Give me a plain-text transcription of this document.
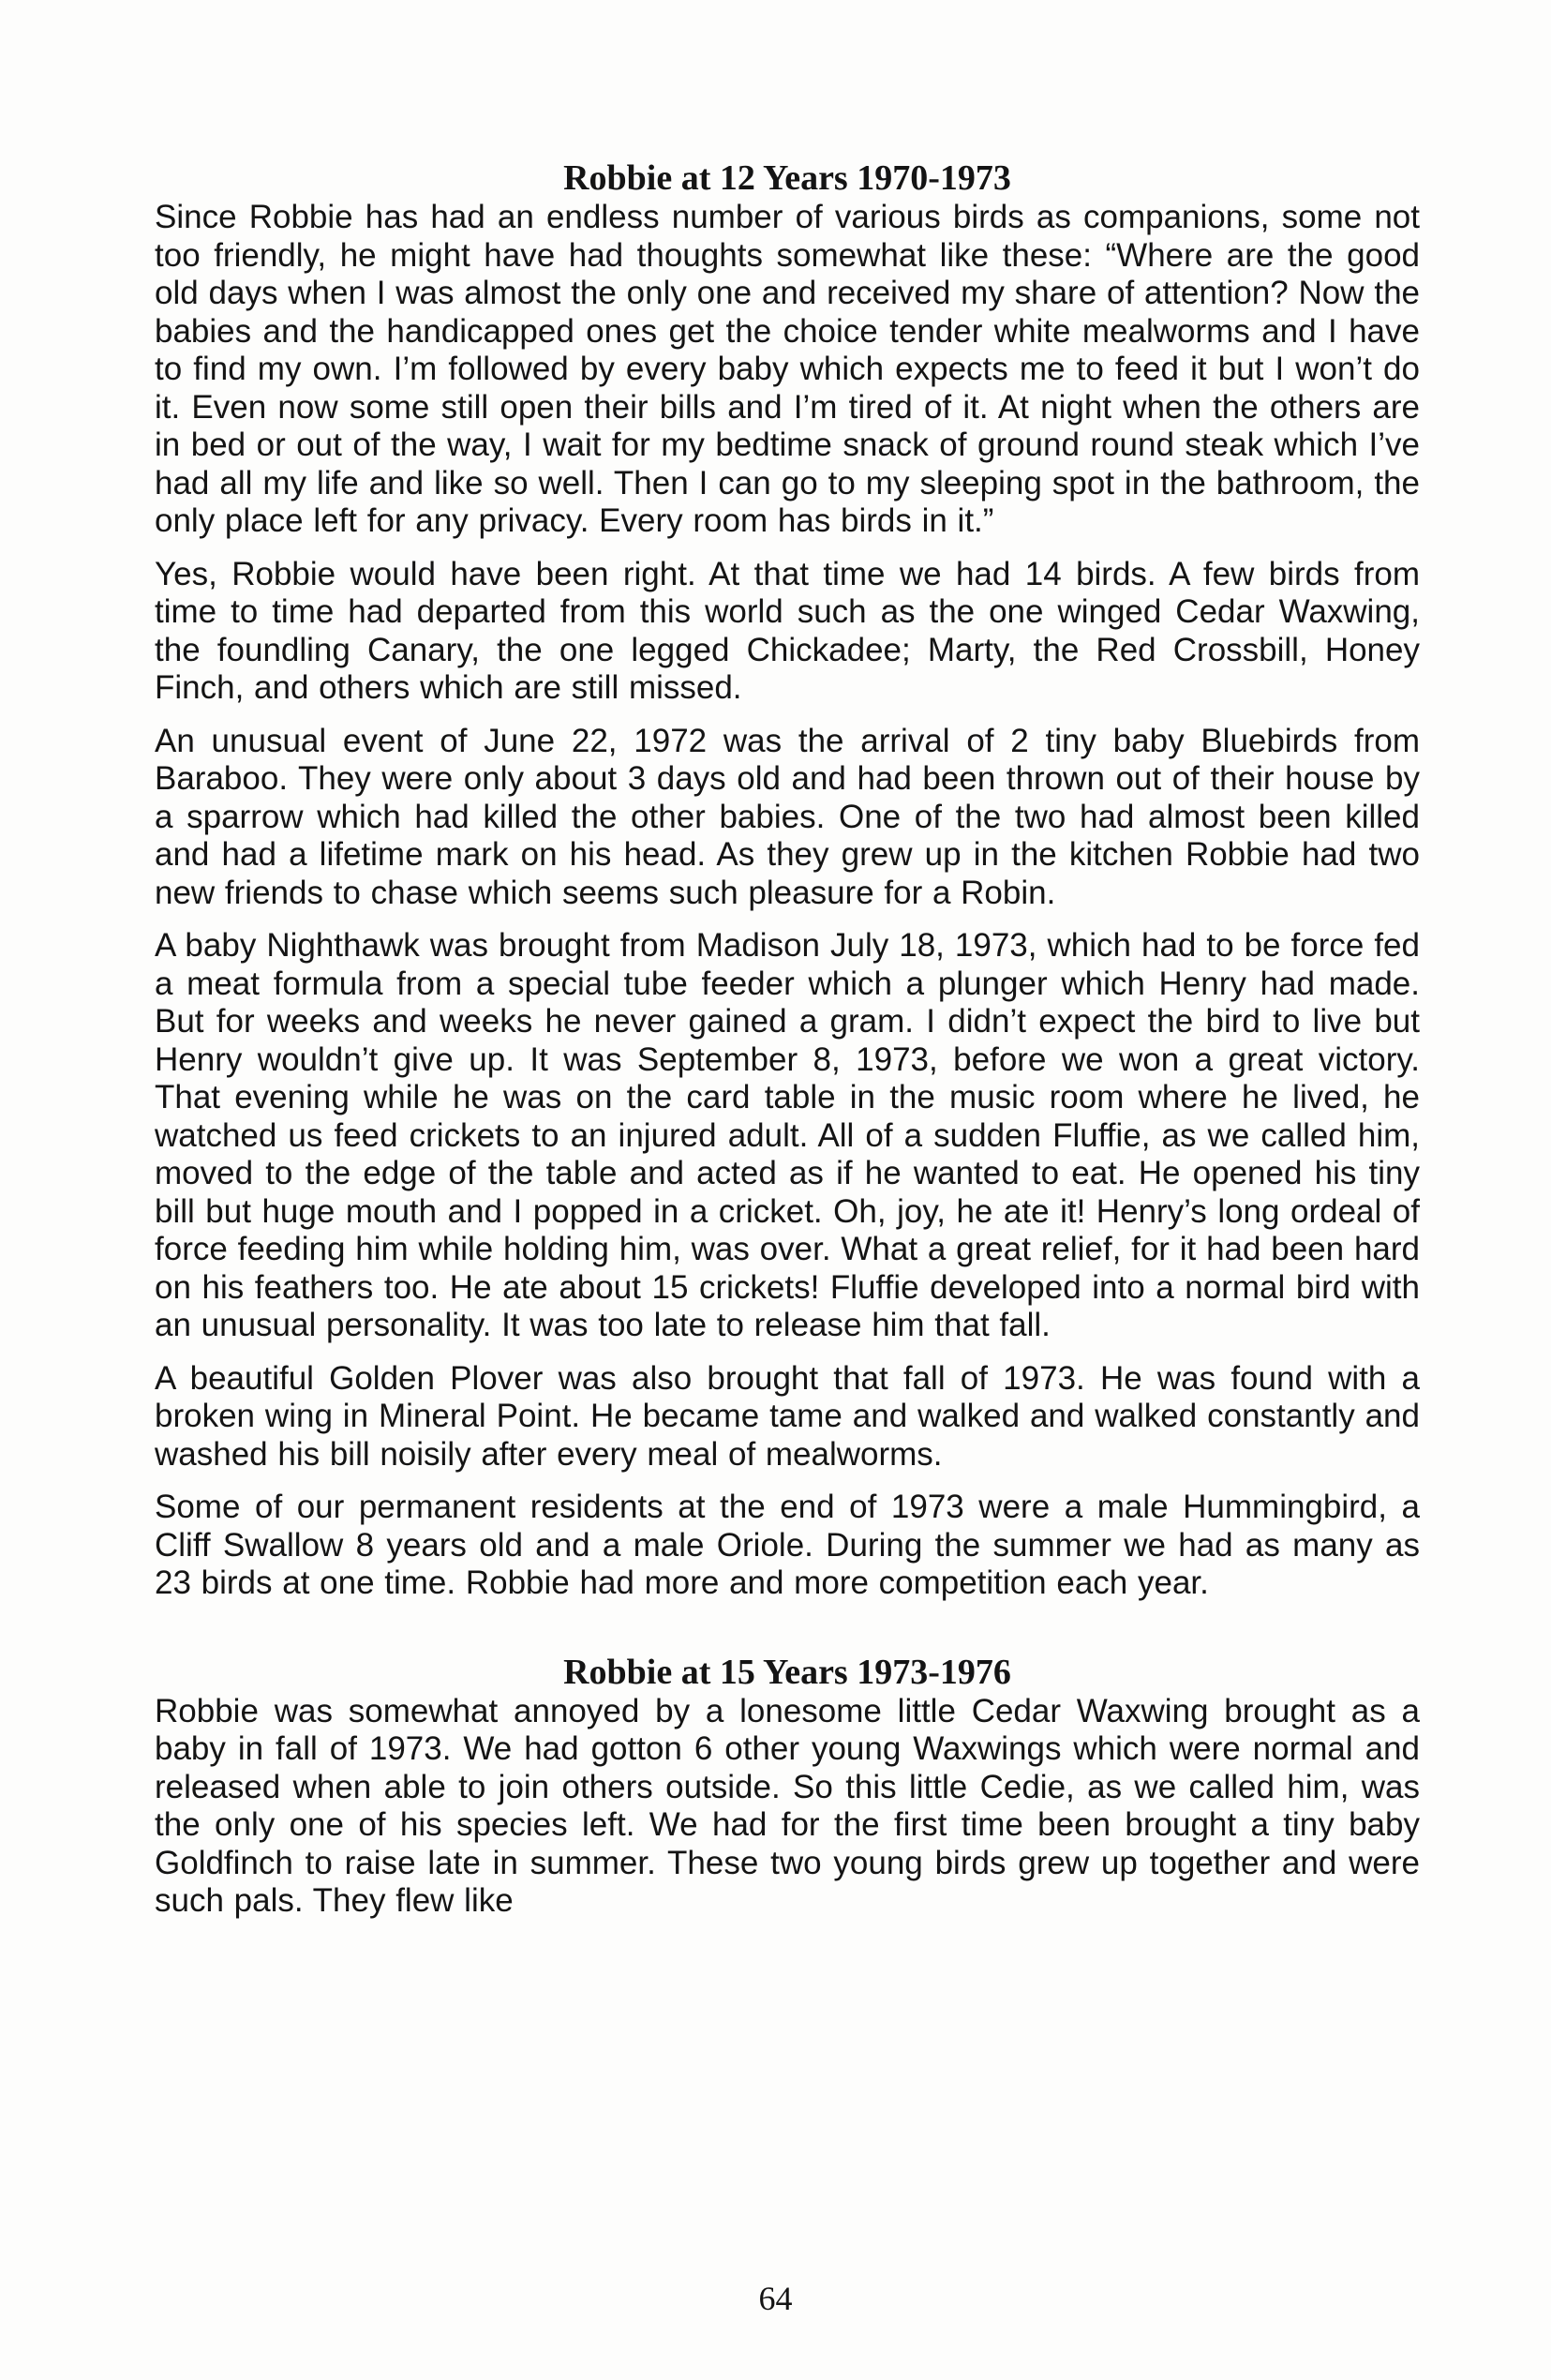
Robbie at 12 Years 1970-1973

Since Robbie has had an endless number of various birds as companions, some not too friendly, he might have had thoughts somewhat like these: “Where are the good old days when I was almost the only one and received my share of attention? Now the babies and the handicapped ones get the choice tender white mealworms and I have to find my own. I’m followed by every baby which expects me to feed it but I won’t do it. Even now some still open their bills and I’m tired of it. At night when the others are in bed or out of the way, I wait for my bedtime snack of ground round steak which I’ve had all my life and like so well. Then I can go to my sleeping spot in the bathroom, the only place left for any privacy. Every room has birds in it.”

Yes, Robbie would have been right. At that time we had 14 birds. A few birds from time to time had departed from this world such as the one winged Cedar Waxwing, the foundling Canary, the one legged Chickadee; Marty, the Red Crossbill, Honey Finch, and others which are still missed.

An unusual event of June 22, 1972 was the arrival of 2 tiny baby Bluebirds from Baraboo. They were only about 3 days old and had been thrown out of their house by a sparrow which had killed the other babies. One of the two had almost been killed and had a lifetime mark on his head. As they grew up in the kitchen Robbie had two new friends to chase which seems such pleasure for a Robin.

A baby Nighthawk was brought from Madison July 18, 1973, which had to be force fed a meat formula from a special tube feeder which a plunger which Henry had made. But for weeks and weeks he never gained a gram. I didn’t expect the bird to live but Henry wouldn’t give up. It was September 8, 1973, before we won a great victory. That evening while he was on the card table in the music room where he lived, he watched us feed crickets to an injured adult. All of a sudden Fluffie, as we called him, moved to the edge of the table and acted as if he wanted to eat. He opened his tiny bill but huge mouth and I popped in a cricket. Oh, joy, he ate it! Henry’s long ordeal of force feeding him while holding him, was over. What a great relief, for it had been hard on his feathers too. He ate about 15 crickets! Fluffie developed into a normal bird with an unusual personality. It was too late to release him that fall.

A beautiful Golden Plover was also brought that fall of 1973. He was found with a broken wing in Mineral Point. He became tame and walked and walked constantly and washed his bill noisily after every meal of mealworms.

Some of our permanent residents at the end of 1973 were a male Hummingbird, a Cliff Swallow 8 years old and a male Oriole. During the summer we had as many as 23 birds at one time. Robbie had more and more competition each year.

Robbie at 15 Years 1973-1976

Robbie was somewhat annoyed by a lonesome little Cedar Waxwing brought as a baby in fall of 1973. We had gotton 6 other young Waxwings which were normal and released when able to join others outside. So this little Cedie, as we called him, was the only one of his species left. We had for the first time been brought a tiny baby Goldfinch to raise late in summer. These two young birds grew up together and were such pals. They flew like

64
